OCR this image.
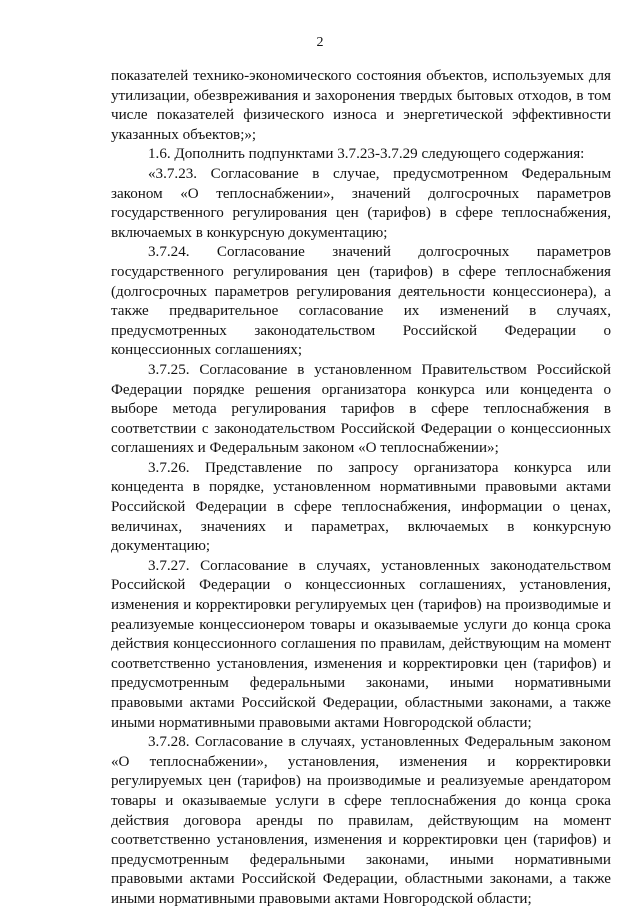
2

показателей технико-экономического состояния объектов, используемых для утилизации, обезвреживания и захоронения твердых бытовых отходов, в том числе показателей физического износа и энергетической эффективности указанных объектов;»;

1.6. Дополнить подпунктами 3.7.23-3.7.29 следующего содержания:

«3.7.23. Согласование в случае, предусмотренном Федеральным законом «О теплоснабжении», значений долгосрочных параметров государственного регулирования цен (тарифов) в сфере теплоснабжения, включаемых в конкурсную документацию;

3.7.24. Согласование значений долгосрочных параметров государственного регулирования цен (тарифов) в сфере теплоснабжения (долгосрочных параметров регулирования деятельности концессионера), а также предварительное согласование их изменений в случаях, предусмотренных законодательством Российской Федерации о концессионных соглашениях;

3.7.25. Согласование в установленном Правительством Российской Федерации порядке решения организатора конкурса или концедента о выборе метода регулирования тарифов в сфере теплоснабжения в соответствии с законодательством Российской Федерации о концессионных соглашениях и Федеральным законом «О теплоснабжении»;

3.7.26. Представление по запросу организатора конкурса или концедента в порядке, установленном нормативными правовыми актами Российской Федерации в сфере теплоснабжения, информации о ценах, величинах, значениях и параметрах, включаемых в конкурсную документацию;

3.7.27. Согласование в случаях, установленных законодательством Российской Федерации о концессионных соглашениях, установления, изменения и корректировки регулируемых цен (тарифов) на производимые и реализуемые концессионером товары и оказываемые услуги до конца срока действия концессионного соглашения по правилам, действующим на момент соответственно установления, изменения и корректировки цен (тарифов) и предусмотренным федеральными законами, иными нормативными правовыми актами Российской Федерации, областными законами, а также иными нормативными правовыми актами Новгородской области;

3.7.28. Согласование в случаях, установленных Федеральным законом «О теплоснабжении», установления, изменения и корректировки регулируемых цен (тарифов) на производимые и реализуемые арендатором товары и оказываемые услуги в сфере теплоснабжения до конца срока действия договора аренды по правилам, действующим на момент соответственно установления, изменения и корректировки цен (тарифов) и предусмотренным федеральными законами, иными нормативными правовыми актами Российской Федерации, областными законами, а также иными нормативными правовыми актами Новгородской области;
